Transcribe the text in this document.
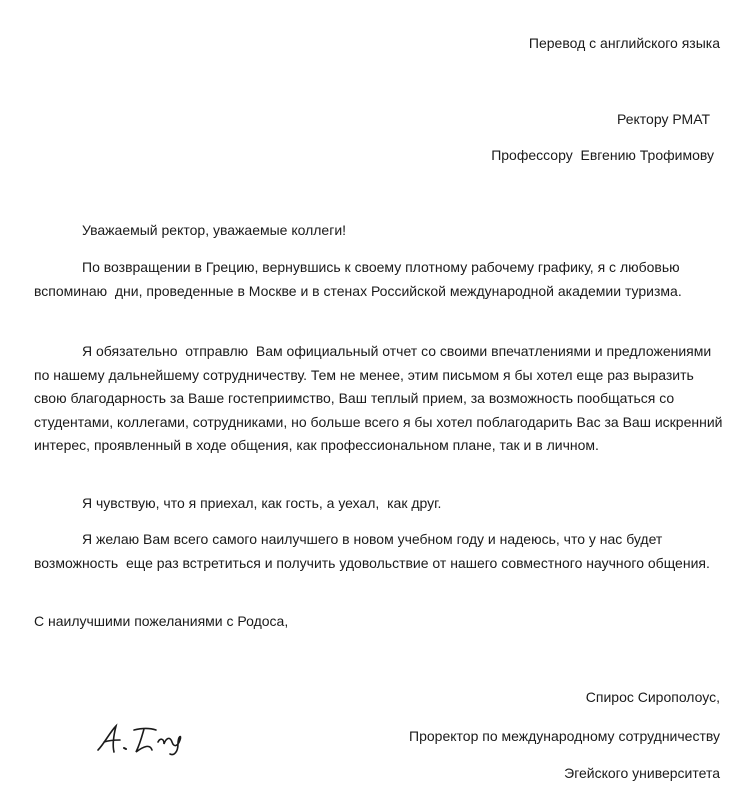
Перевод с английского языка
Ректору РМАТ
Профессору  Евгению Трофимову
Уважаемый ректор, уважаемые коллеги!

По возвращении в Грецию, вернувшись к своему плотному рабочему графику, я с любовью вспоминаю  дни, проведенные в Москве и в стенах Российской международной академии туризма.

Я обязательно  отправлю  Вам официальный отчет со своими впечатлениями и предложениями по нашему дальнейшему сотрудничеству. Тем не менее, этим письмом я бы хотел еще раз выразить свою благодарность за Ваше гостеприимство, Ваш теплый прием, за возможность пообщаться со студентами, коллегами, сотрудниками, но больше всего я бы хотел поблагодарить Вас за Ваш искренний интерес, проявленный в ходе общения, как профессиональном плане, так и в личном.

Я чувствую, что я приехал, как гость, а уехал,  как друг.

Я желаю Вам всего самого наилучшего в новом учебном году и надеюсь, что у нас будет возможность  еще раз встретиться и получить удовольствие от нашего совместного научного общения.

С наилучшими пожеланиями с Родоса,
Спирос Сирополоус,
Проректор по международному сотрудничеству
Эгейского университета
